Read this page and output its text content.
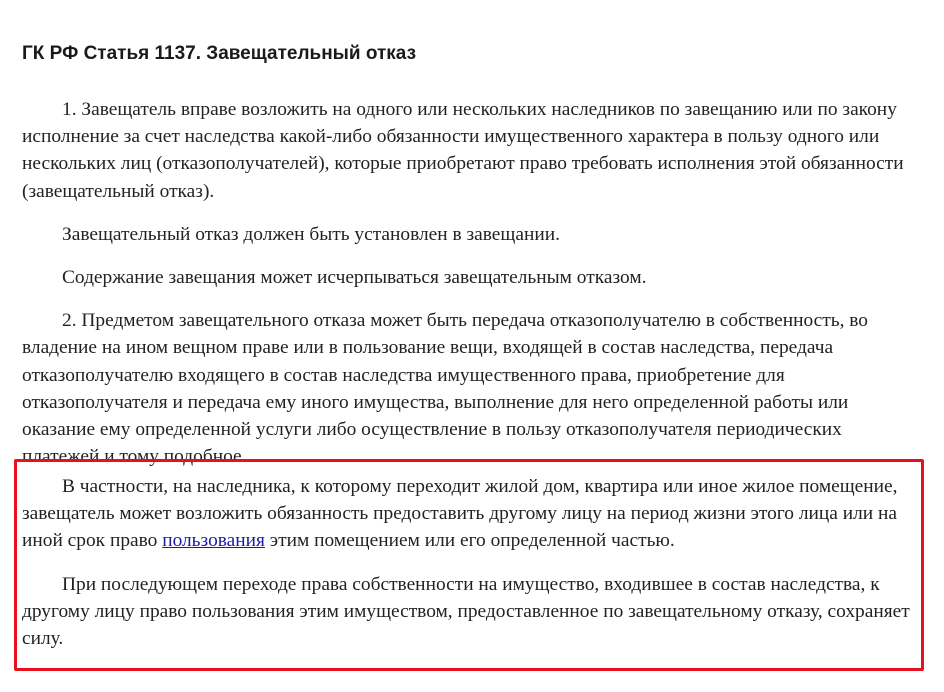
ГК РФ Статья 1137. Завещательный отказ

1. Завещатель вправе возложить на одного или нескольких наследников по завещанию или по закону исполнение за счет наследства какой-либо обязанности имущественного характера в пользу одного или нескольких лиц (отказополучателей), которые приобретают право требовать исполнения этой обязанности (завещательный отказ).

Завещательный отказ должен быть установлен в завещании.

Содержание завещания может исчерпываться завещательным отказом.

2. Предметом завещательного отказа может быть передача отказополучателю в собственность, во владение на ином вещном праве или в пользование вещи, входящей в состав наследства, передача отказополучателю входящего в состав наследства имущественного права, приобретение для отказополучателя и передача ему иного имущества, выполнение для него определенной работы или оказание ему определенной услуги либо осуществление в пользу отказополучателя периодических платежей и тому подобное.

В частности, на наследника, к которому переходит жилой дом, квартира или иное жилое помещение, завещатель может возложить обязанность предоставить другому лицу на период жизни этого лица или на иной срок право пользования этим помещением или его определенной частью.

При последующем переходе права собственности на имущество, входившее в состав наследства, к другому лицу право пользования этим имуществом, предоставленное по завещательному отказу, сохраняет силу.
